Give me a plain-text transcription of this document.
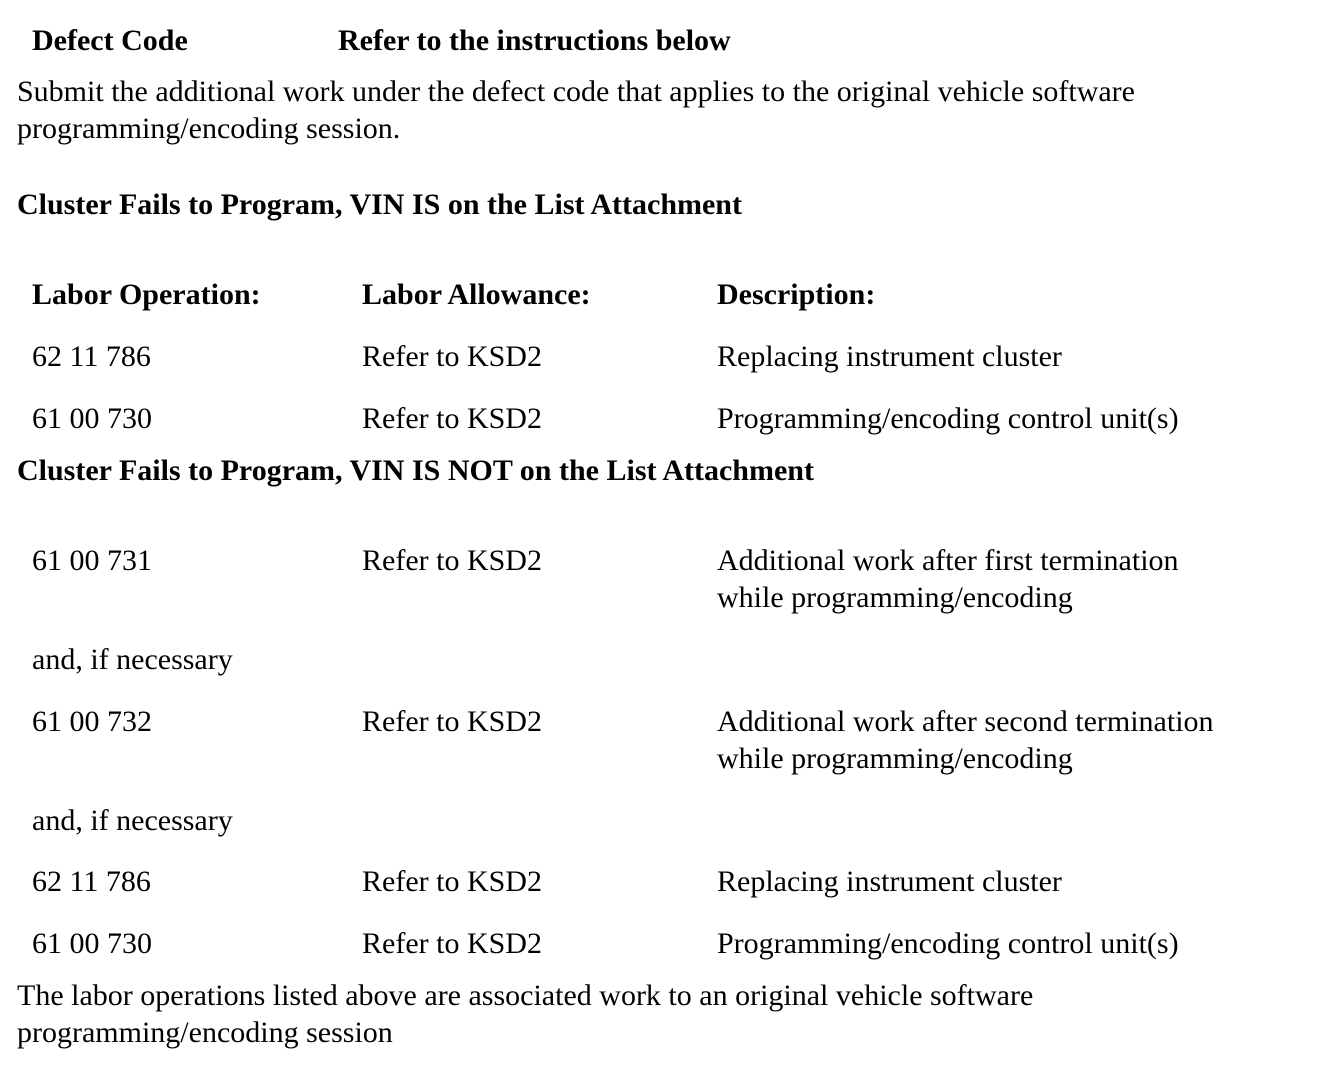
Defect Code	Refer to the instructions below
Submit the additional work under the defect code that applies to the original vehicle software programming/encoding session.
Cluster Fails to Program, VIN IS on the List Attachment
Labor Operation:	Labor Allowance:	Description:
62 11 786	Refer to KSD2	Replacing instrument cluster
61 00 730	Refer to KSD2	Programming/encoding control unit(s)
Cluster Fails to Program, VIN IS NOT on the List Attachment
61 00 731	Refer to KSD2	Additional work after first termination
while programming/encoding
and, if necessary
61 00 732	Refer to KSD2	Additional work after second termination
while programming/encoding
and, if necessary
62 11 786	Refer to KSD2	Replacing instrument cluster
61 00 730	Refer to KSD2	Programming/encoding control unit(s)
The labor operations listed above are associated work to an original vehicle software programming/encoding session
